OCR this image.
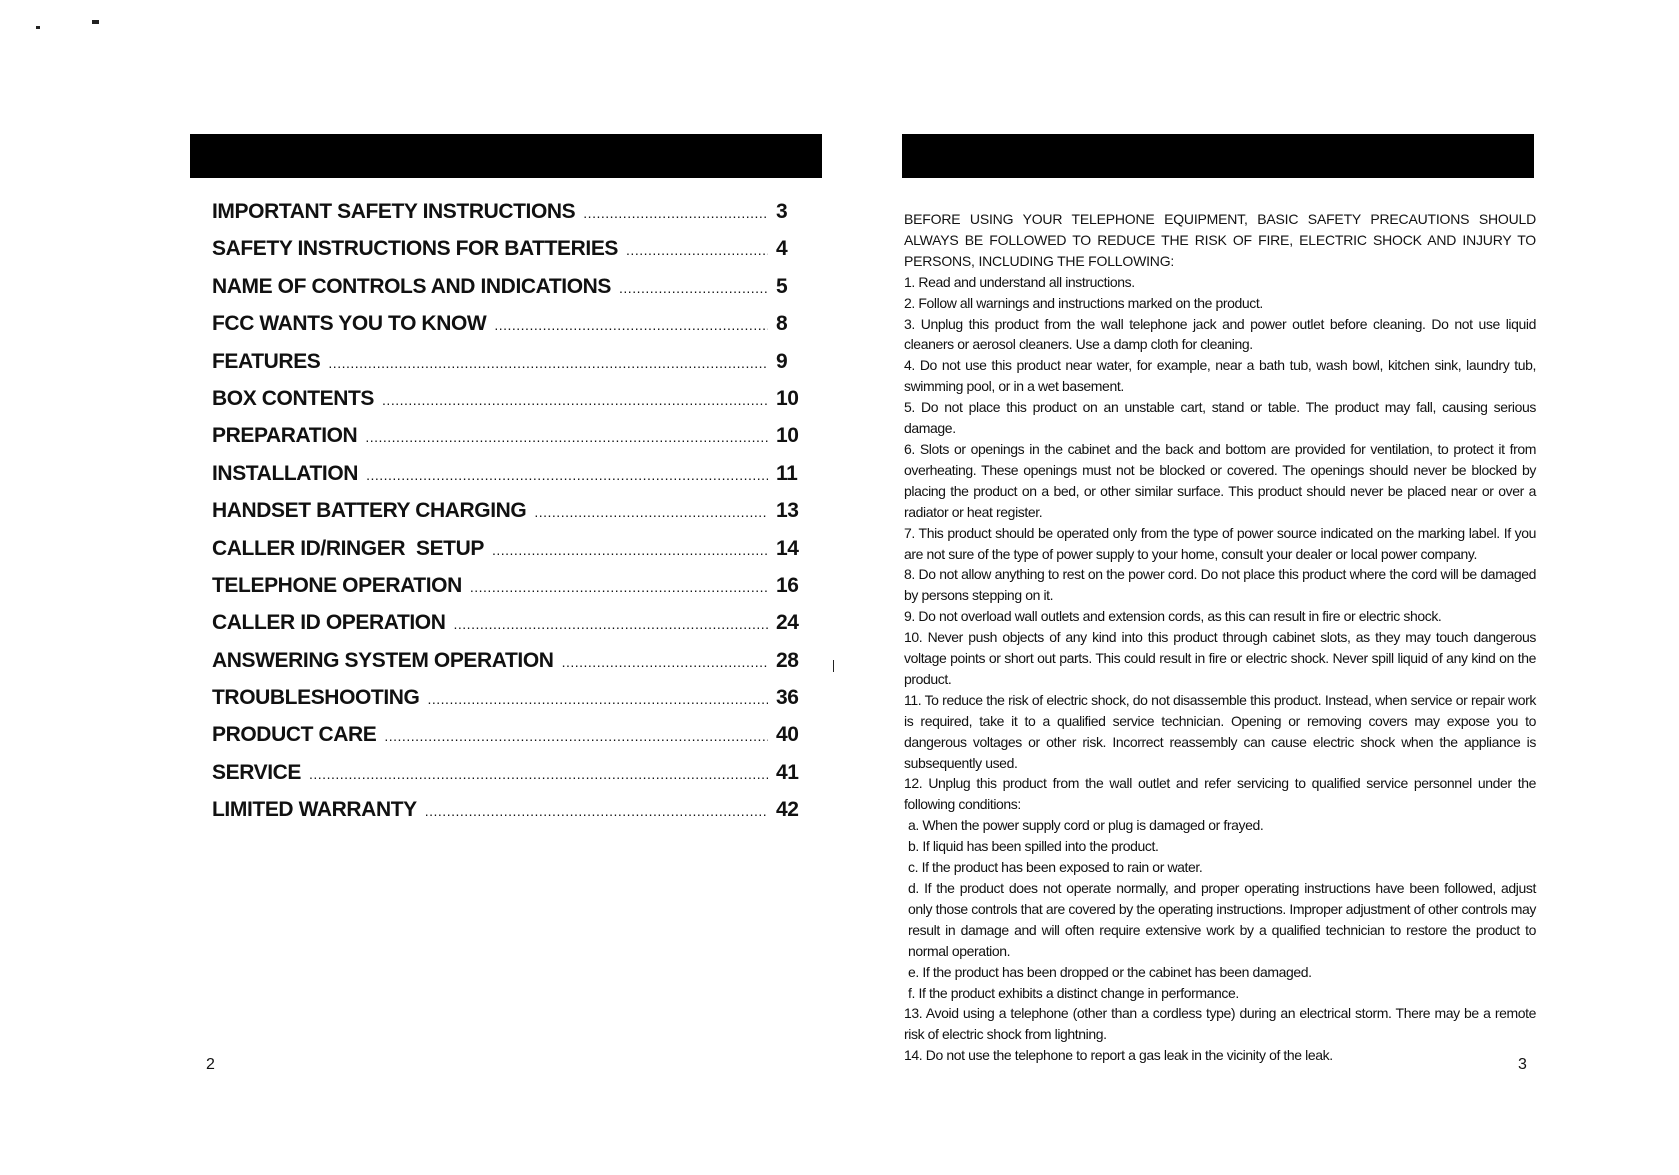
IMPORTANT SAFETY INSTRUCTIONS .....	3
SAFETY INSTRUCTIONS FOR BATTERIES .....	4
NAME OF CONTROLS AND INDICATIONS .....	5
FCC WANTS YOU TO KNOW .....	8
FEATURES .....	9
BOX CONTENTS .....	10
PREPARATION .....	10
INSTALLATION .....	11
HANDSET BATTERY CHARGING .....	13
CALLER ID/RINGER  SETUP .....	14
TELEPHONE OPERATION .....	16
CALLER ID OPERATION .....	24
ANSWERING SYSTEM OPERATION .....	28
TROUBLESHOOTING .....	36
PRODUCT CARE .....	40
SERVICE .....	41
LIMITED WARRANTY .....	42
BEFORE USING YOUR TELEPHONE EQUIPMENT, BASIC SAFETY PRECAUTIONS SHOULD ALWAYS BE FOLLOWED TO REDUCE THE RISK OF FIRE, ELECTRIC SHOCK AND INJURY TO PERSONS, INCLUDING THE FOLLOWING:
1. Read and understand all instructions.
2. Follow all warnings and instructions marked on the product.
3. Unplug this product from the wall telephone jack and power outlet before cleaning. Do not use liquid cleaners or aerosol cleaners. Use a damp cloth for cleaning.
4. Do not use this product near water, for example, near a bath tub, wash bowl, kitchen sink, laundry tub, swimming pool, or in a wet basement.
5. Do not place this product on an unstable cart, stand or table. The product may fall, causing serious damage.
6. Slots or openings in the cabinet and the back and bottom are provided for ventilation, to protect it from overheating. These openings must not be blocked or covered. The openings should never be blocked by placing the product on a bed, or other similar surface. This product should never be placed near or over a radiator or heat register.
7. This product should be operated only from the type of power source indicated on the marking label. If you are not sure of the type of power supply to your home, consult your dealer or local power company.
8. Do not allow anything to rest on the power cord. Do not place this product where the cord will be damaged by persons stepping on it.
9. Do not overload wall outlets and extension cords, as this can result in fire or electric shock.
10. Never push objects of any kind into this product through cabinet slots, as they may touch dangerous voltage points or short out parts. This could result in fire or electric shock. Never spill liquid of any kind on the product.
11. To reduce the risk of electric shock, do not disassemble this product. Instead, when service or repair work is required, take it to a qualified service technician. Opening or removing covers may expose you to dangerous voltages or other risk. Incorrect reassembly can cause electric shock when the appliance is subsequently used.
12. Unplug this product from the wall outlet and refer servicing to qualified service personnel under the following conditions:
a. When the power supply cord or plug is damaged or frayed.
b. If liquid has been spilled into the product.
c. If the product has been exposed to rain or water.
d. If the product does not operate normally, and proper operating instructions have been followed, adjust only those controls that are covered by the operating instructions. Improper adjustment of other controls may result in damage and will often require extensive work by a qualified technician to restore the product to normal operation.
e. If the product has been dropped or the cabinet has been damaged.
f. If the product exhibits a distinct change in performance.
13. Avoid using a telephone (other than a cordless type) during an electrical storm. There may be a remote risk of electric shock from lightning.
14. Do not use the telephone to report a gas leak in the vicinity of the leak.
2	3
